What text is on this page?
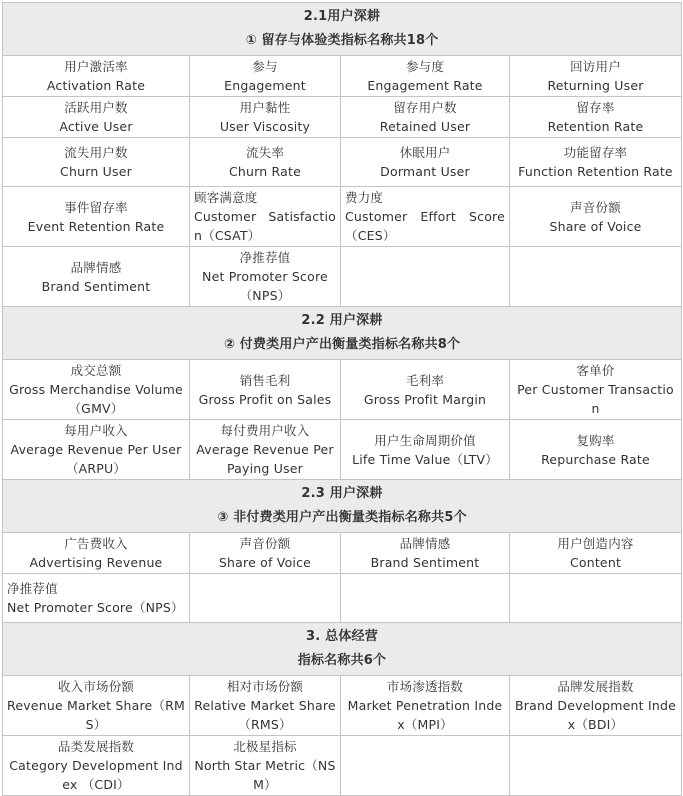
2.1用户深耕
① 留存与体验类指标名称共18个			

用户激活率
Activation Rate	参与
Engagement	参与度
Engagement Rate	回访用户
Returning User

活跃用户数
Active User	用户黏性
User Viscosity	留存用户数
Retained User	留存率
Retention Rate

流失用户数
Churn User	流失率
Churn Rate	休眠用户
Dormant User	功能留存率
Function Retention Rate

事件留存率
Event Retention Rate	顾客满意度
Customer Satisfaction（CSAT）	费力度
Customer Effort Score（CES）	声音份额
Share of Voice

品牌情感
Brand Sentiment	净推荐值
Net Promoter Score（NPS）		

2.2 用户深耕
② 付费类用户产出衡量类指标名称共8个			

成交总额
Gross Merchandise Volume（GMV）	销售毛利
Gross Profit on Sales	毛利率
Gross Profit Margin	客单价
Per Customer Transaction

每用户收入
Average Revenue Per User（ARPU）	每付费用户收入
Average Revenue Per Paying User	用户生命周期价值
Life Time Value（LTV）	复购率
Repurchase Rate

2.3 用户深耕
③ 非付费类用户产出衡量类指标名称共5个			

广告费收入
Advertising Revenue	声音份额
Share of Voice	品牌情感
Brand Sentiment	用户创造内容
Content

净推荐值
Net Promoter Score（NPS）			

3. 总体经营
指标名称共6个			

收入市场份额
Revenue Market Share（RMS）	相对市场份额
Relative Market Share（RMS）	市场渗透指数
Market Penetration Index（MPI）	品牌发展指数
Brand Development Index（BDI）

品类发展指数
Category Development Index （CDI）	北极星指标
North Star Metric（NSM）		
